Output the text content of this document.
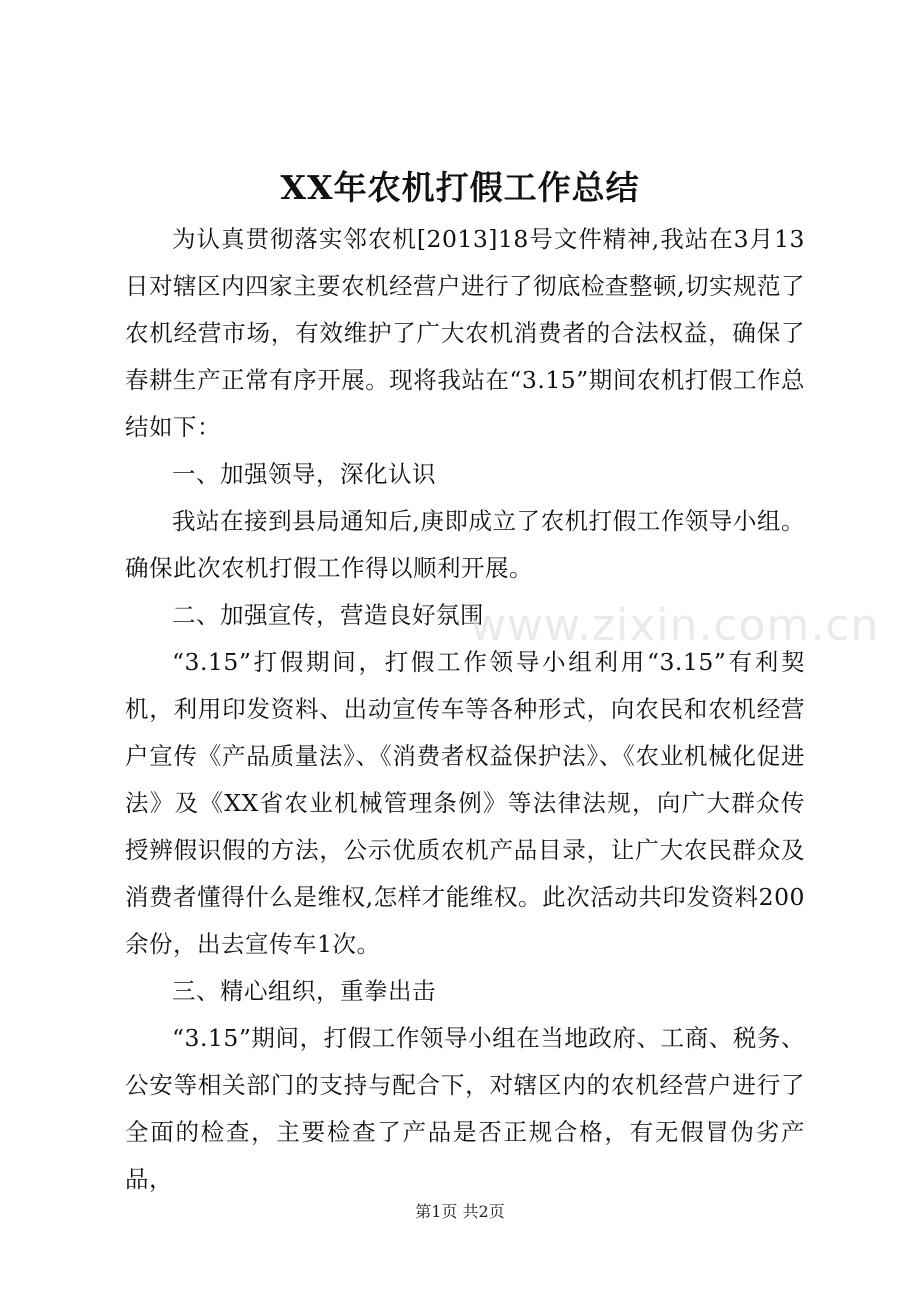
XX年农机打假工作总结

为认真贯彻落实邻农机[2013]18号文件精神,我站在3月13日对辖区内四家主要农机经营户进行了彻底检查整顿,切实规范了农机经营市场，有效维护了广大农机消费者的合法权益，确保了春耕生产正常有序开展。现将我站在“3.15”期间农机打假工作总结如下：

一、加强领导，深化认识

我站在接到县局通知后,庚即成立了农机打假工作领导小组。确保此次农机打假工作得以顺利开展。

二、加强宣传，营造良好氛围

“3.15”打假期间，打假工作领导小组利用“3.15”有利契机，利用印发资料、出动宣传车等各种形式，向农民和农机经营户宣传《产品质量法》、《消费者权益保护法》、《农业机械化促进法》及《XX省农业机械管理条例》等法律法规，向广大群众传授辨假识假的方法，公示优质农机产品目录，让广大农民群众及消费者懂得什么是维权,怎样才能维权。此次活动共印发资料200余份，出去宣传车1次。

三、精心组织，重拳出击

“3.15”期间，打假工作领导小组在当地政府、工商、税务、公安等相关部门的支持与配合下，对辖区内的农机经营户进行了全面的检查，主要检查了产品是否正规合格，有无假冒伪劣产品，

www.zixin.com.cn
第1页 共2页
